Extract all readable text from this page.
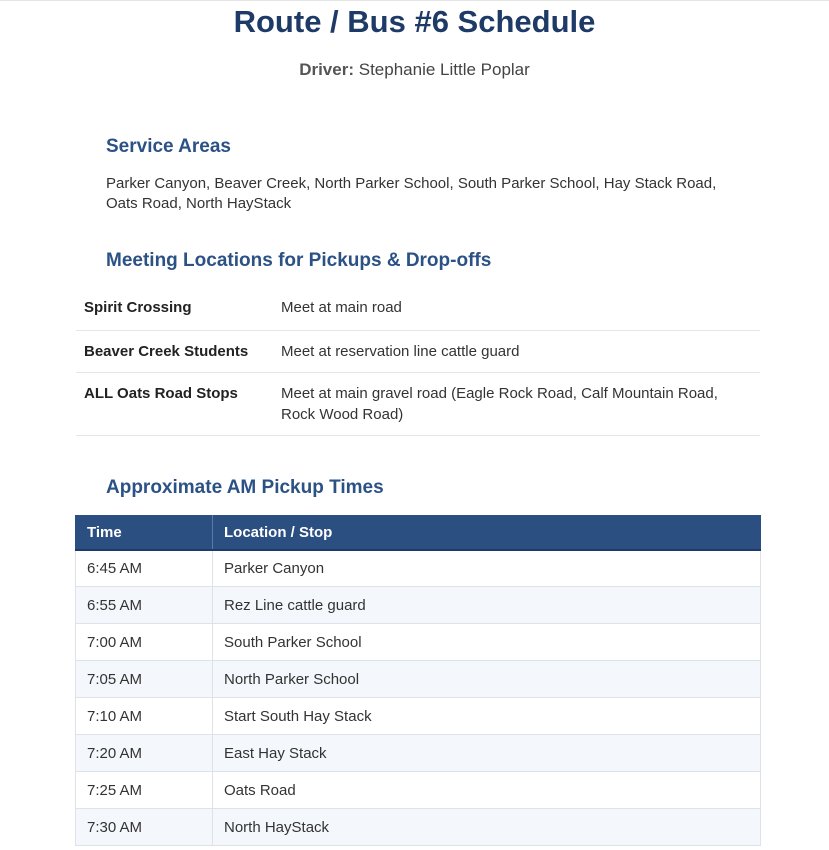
Route / Bus #6 Schedule
Driver: Stephanie Little Poplar
Service Areas
Parker Canyon, Beaver Creek, North Parker School, South Parker School, Hay Stack Road, Oats Road, North HayStack
Meeting Locations for Pickups & Drop-offs
Spirit Crossing	Meet at main road
Beaver Creek Students	Meet at reservation line cattle guard
ALL Oats Road Stops	Meet at main gravel road (Eagle Rock Road, Calf Mountain Road, Rock Wood Road)
Approximate AM Pickup Times
Time	Location / Stop
6:45 AM	Parker Canyon
6:55 AM	Rez Line cattle guard
7:00 AM	South Parker School
7:05 AM	North Parker School
7:10 AM	Start South Hay Stack
7:20 AM	East Hay Stack
7:25 AM	Oats Road
7:30 AM	North HayStack
